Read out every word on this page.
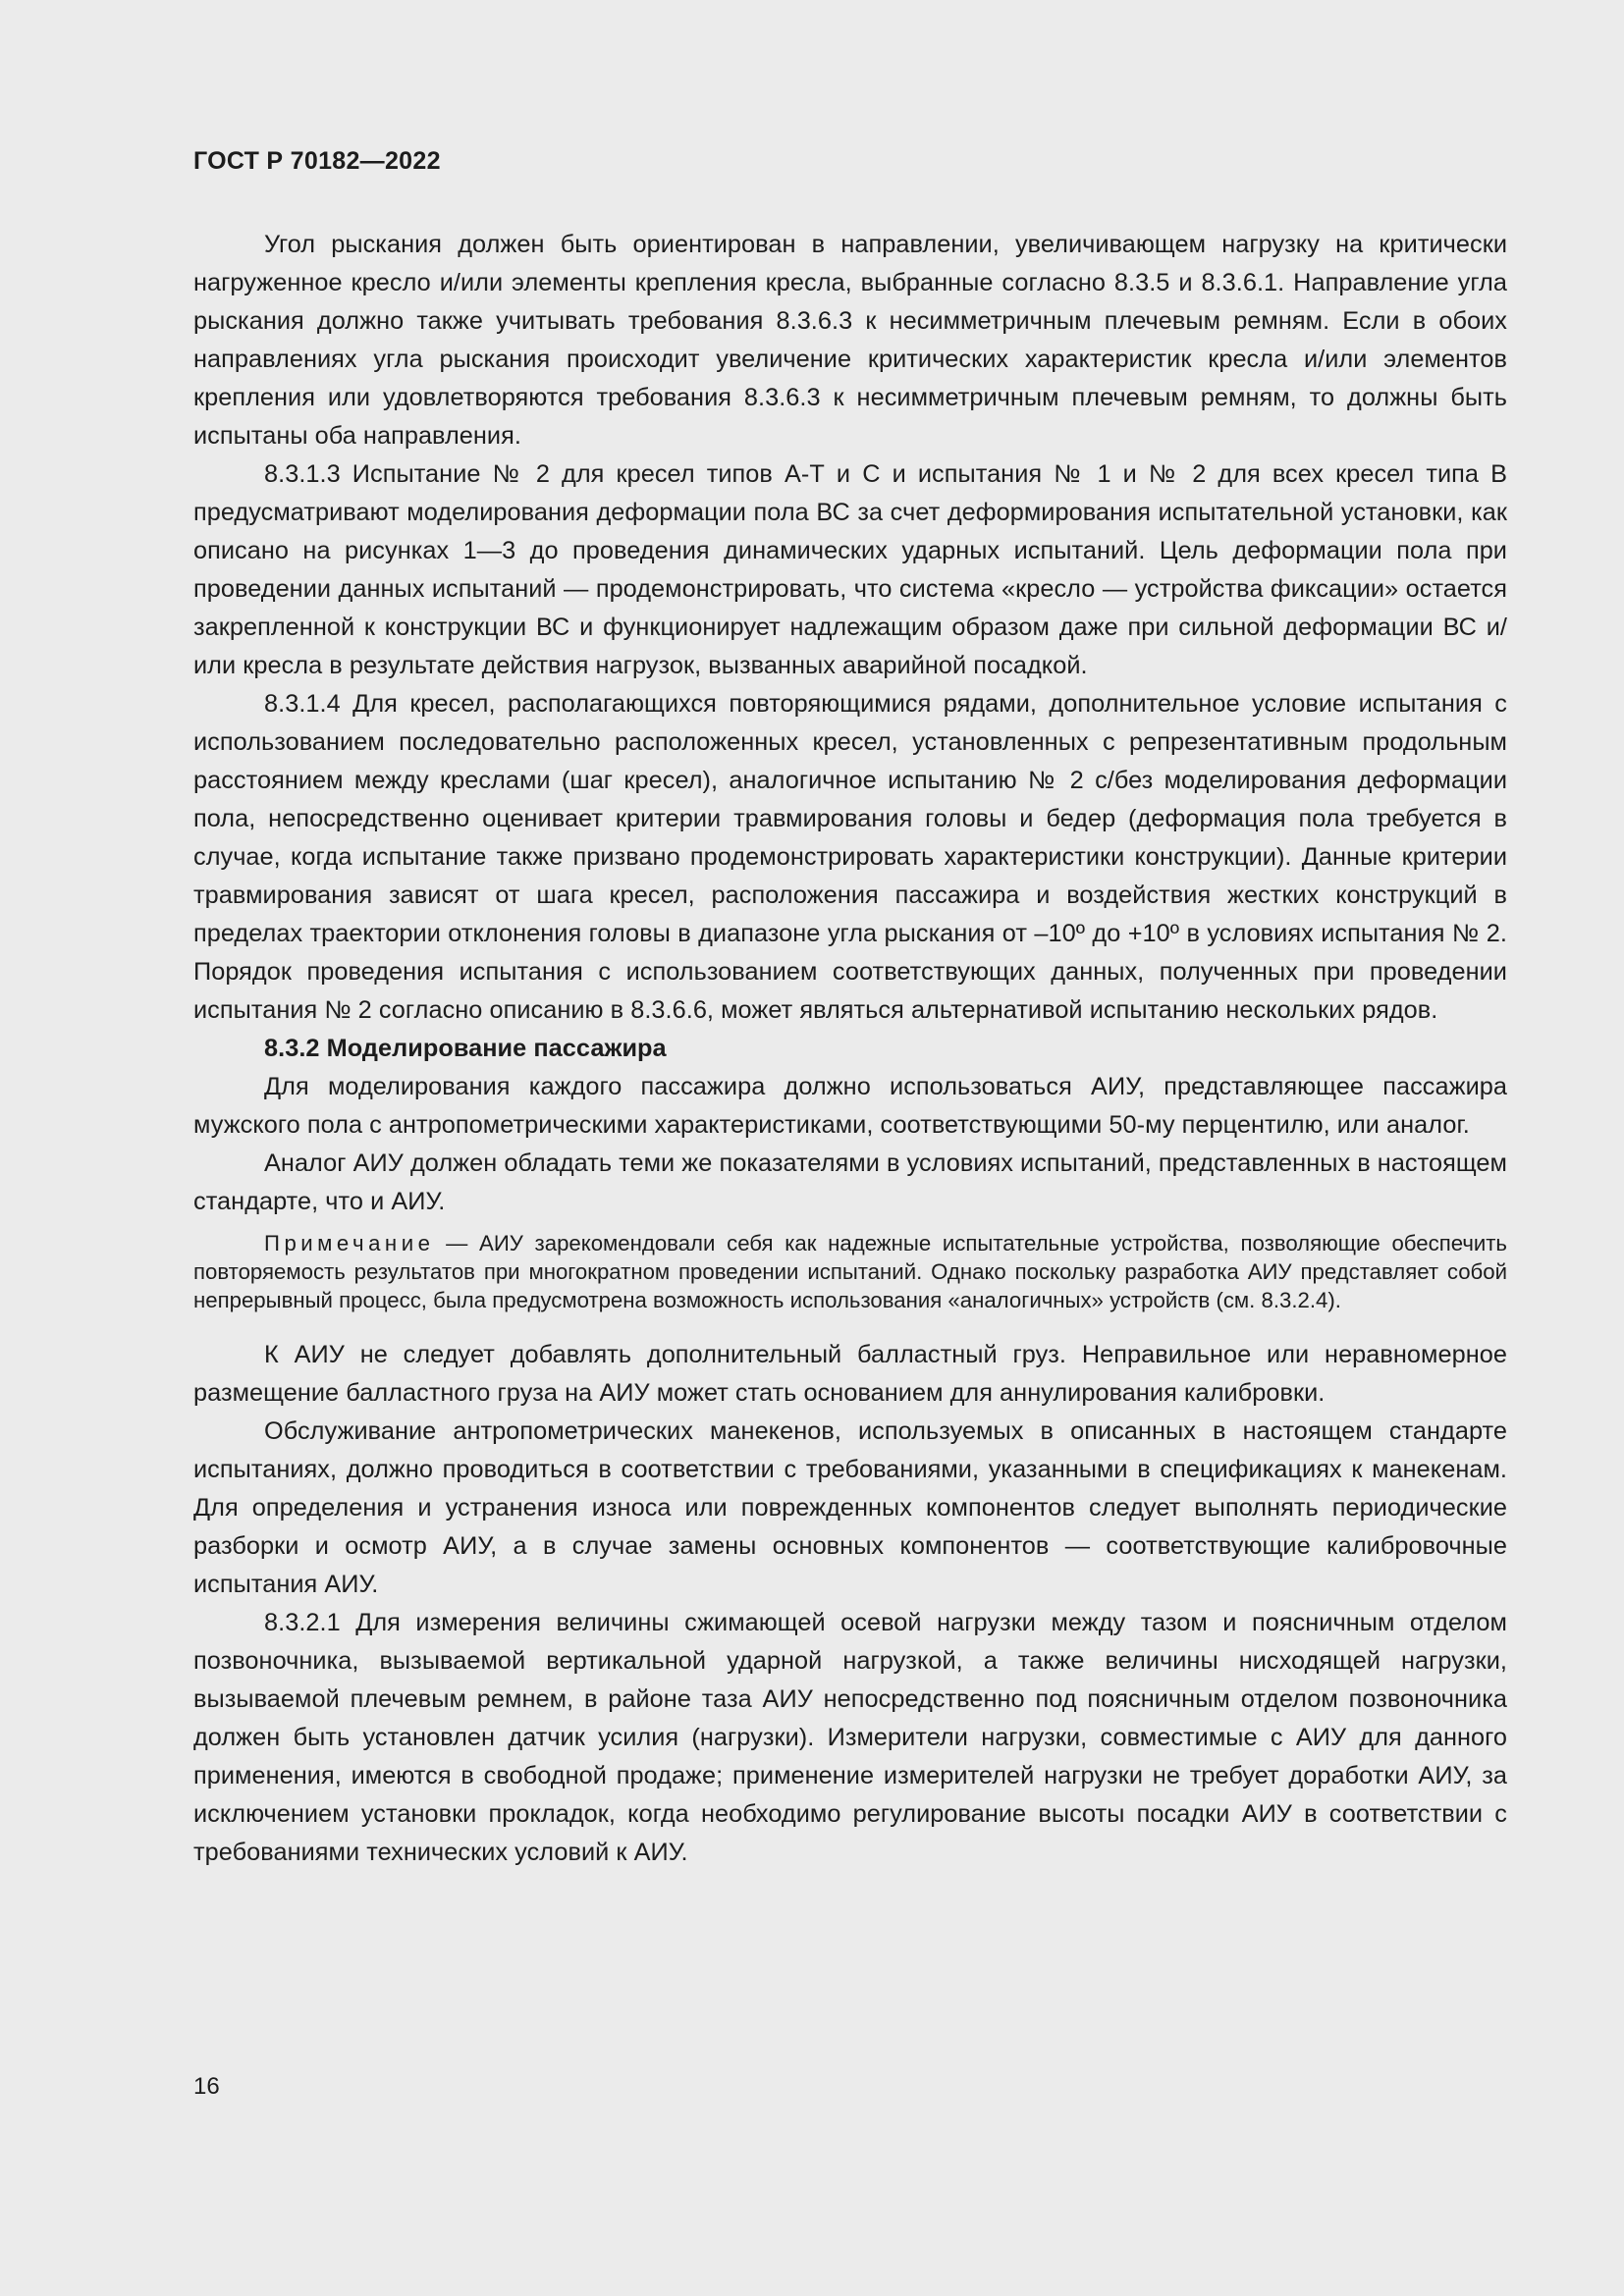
ГОСТ Р 70182—2022

Угол рыскания должен быть ориентирован в направлении, увеличивающем нагрузку на критически нагруженное кресло и/или элементы крепления кресла, выбранные согласно 8.3.5 и 8.3.6.1. Направление угла рыскания должно также учитывать требования 8.3.6.3 к несимметричным плечевым ремням. Если в обоих направлениях угла рыскания происходит увеличение критических характеристик кресла и/или элементов крепления или удовлетворяются требования 8.3.6.3 к несимметричным плечевым ремням, то должны быть испытаны оба направления.

8.3.1.3 Испытание № 2 для кресел типов А-Т и С и испытания № 1 и № 2 для всех кресел типа В предусматривают моделирования деформации пола ВС за счет деформирования испытательной установки, как описано на рисунках 1—3 до проведения динамических ударных испытаний. Цель деформации пола при проведении данных испытаний — продемонстрировать, что система «кресло — устройства фиксации» остается закрепленной к конструкции ВС и функционирует надлежащим образом даже при сильной деформации ВС и/или кресла в результате действия нагрузок, вызванных аварийной посадкой.

8.3.1.4 Для кресел, располагающихся повторяющимися рядами, дополнительное условие испытания с использованием последовательно расположенных кресел, установленных с репрезентативным продольным расстоянием между креслами (шаг кресел), аналогичное испытанию № 2 с/без моделирования деформации пола, непосредственно оценивает критерии травмирования головы и бедер (деформация пола требуется в случае, когда испытание также призвано продемонстрировать характеристики конструкции). Данные критерии травмирования зависят от шага кресел, расположения пассажира и воздействия жестких конструкций в пределах траектории отклонения головы в диапазоне угла рыскания от –10º до +10º в условиях испытания № 2. Порядок проведения испытания с использованием соответствующих данных, полученных при проведении испытания № 2 согласно описанию в 8.3.6.6, может являться альтернативой испытанию нескольких рядов.

8.3.2 Моделирование пассажира

Для моделирования каждого пассажира должно использоваться АИУ, представляющее пассажира мужского пола с антропометрическими характеристиками, соответствующими 50-му перцентилю, или аналог.

Аналог АИУ должен обладать теми же показателями в условиях испытаний, представленных в настоящем стандарте, что и АИУ.

Примечание — АИУ зарекомендовали себя как надежные испытательные устройства, позволяющие обеспечить повторяемость результатов при многократном проведении испытаний. Однако поскольку разработка АИУ представляет собой непрерывный процесс, была предусмотрена возможность использования «аналогичных» устройств (см. 8.3.2.4).

К АИУ не следует добавлять дополнительный балластный груз. Неправильное или неравномерное размещение балластного груза на АИУ может стать основанием для аннулирования калибровки.

Обслуживание антропометрических манекенов, используемых в описанных в настоящем стандарте испытаниях, должно проводиться в соответствии с требованиями, указанными в спецификациях к манекенам. Для определения и устранения износа или поврежденных компонентов следует выполнять периодические разборки и осмотр АИУ, а в случае замены основных компонентов — соответствующие калибровочные испытания АИУ.

8.3.2.1 Для измерения величины сжимающей осевой нагрузки между тазом и поясничным отделом позвоночника, вызываемой вертикальной ударной нагрузкой, а также величины нисходящей нагрузки, вызываемой плечевым ремнем, в районе таза АИУ непосредственно под поясничным отделом позвоночника должен быть установлен датчик усилия (нагрузки). Измерители нагрузки, совместимые с АИУ для данного применения, имеются в свободной продаже; применение измерителей нагрузки не требует доработки АИУ, за исключением установки прокладок, когда необходимо регулирование высоты посадки АИУ в соответствии с требованиями технических условий к АИУ.

16
